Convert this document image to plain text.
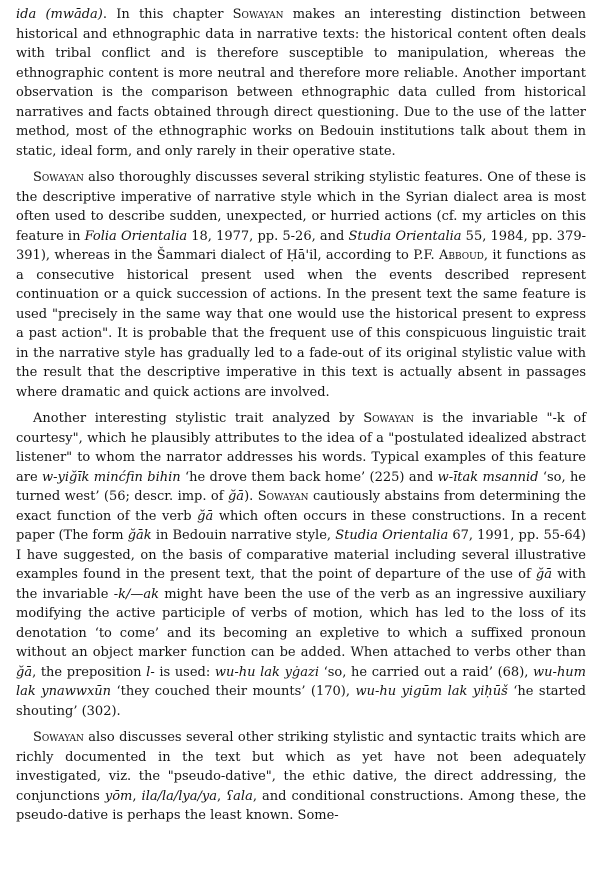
ida (mwāda). In this chapter Sowayan makes an interesting distinction between historical and ethnographic data in narrative texts: the historical content often deals with tribal conflict and is therefore susceptible to manipulation, whereas the ethnographic content is more neutral and therefore more reliable. Another important observation is the comparison between ethnographic data culled from historical narratives and facts obtained through direct questioning. Due to the use of the latter method, most of the ethnographic works on Bedouin institutions talk about them in static, ideal form, and only rarely in their operative state.

Sowayan also thoroughly discusses several striking stylistic features. One of these is the descriptive imperative of narrative style which in the Syrian dialect area is most often used to describe sudden, unexpected, or hurried actions (cf. my articles on this feature in Folia Orientalia 18, 1977, pp. 5-26, and Studia Orientalia 55, 1984, pp. 379-391), whereas in the Šammari dialect of Ḥā'il, according to P.F. Abboud, it functions as a consecutive historical present used when the events described represent continuation or a quick succession of actions. In the present text the same feature is used "precisely in the same way that one would use the historical present to express a past action". It is probable that the frequent use of this conspicuous linguistic trait in the narrative style has gradually led to a fade-out of its original stylistic value with the result that the descriptive imperative in this text is actually absent in passages where dramatic and quick actions are involved.

Another interesting stylistic trait analyzed by Sowayan is the invariable "-k of courtesy", which he plausibly attributes to the idea of a "postulated idealized abstract listener" to whom the narrator addresses his words. Typical examples of this feature are w-yiğīk minćfin bihin ‘he drove them back home’ (225) and w-ītak msannid ‘so, he turned west’ (56; descr. imp. of ğā). Sowayan cautiously abstains from determining the exact function of the verb ğā which often occurs in these constructions. In a recent paper (The form ğāk in Bedouin narrative style, Studia Orientalia 67, 1991, pp. 55-64) I have suggested, on the basis of comparative material including several illustrative examples found in the present text, that the point of departure of the use of ğā with the invariable -k/—ak might have been the use of the verb as an ingressive auxiliary modifying the active participle of verbs of motion, which has led to the loss of its denotation ‘to come’ and its becoming an expletive to which a suffixed pronoun without an object marker function can be added. When attached to verbs other than ğā, the preposition l- is used: wu-hu lak yġazi ‘so, he carried out a raid’ (68), wu-hum lak ynawwxūn ‘they couched their mounts’ (170), wu-hu yigūm lak yiḥūš ‘he started shouting’ (302).

Sowayan also discusses several other striking stylistic and syntactic traits which are richly documented in the text but which as yet have not been adequately investigated, viz. the "pseudo-dative", the ethic dative, the direct addressing, the conjunctions yōm, ila/la/lya/ya, ʕala, and conditional constructions. Among these, the pseudo-dative is perhaps the least known. Some-
